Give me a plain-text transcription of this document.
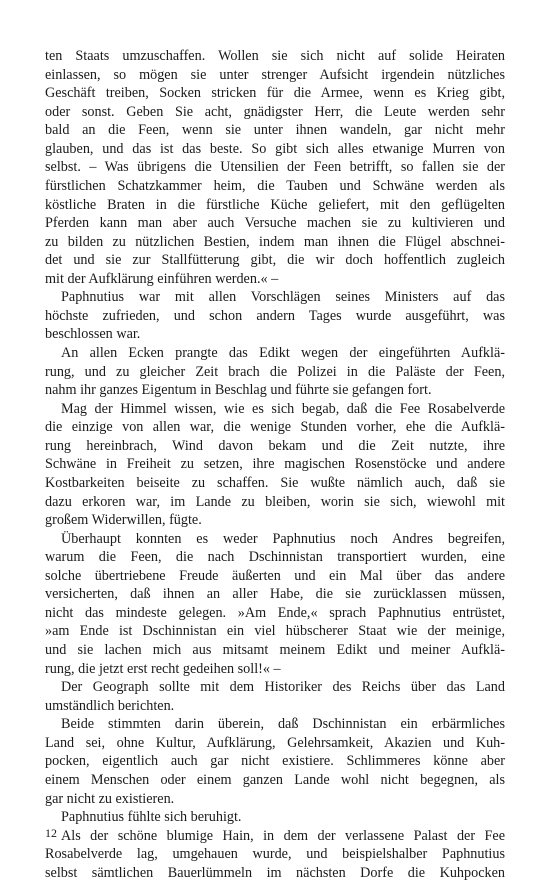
ten Staats umzuschaffen. Wollen sie sich nicht auf solide Heiraten
einlassen, so mögen sie unter strenger Aufsicht irgendein nützliches
Geschäft treiben, Socken stricken für die Armee, wenn es Krieg gibt,
oder sonst. Geben Sie acht, gnädigster Herr, die Leute werden sehr
bald an die Feen, wenn sie unter ihnen wandeln, gar nicht mehr
glauben, und das ist das beste. So gibt sich alles etwanige Murren von
selbst. – Was übrigens die Utensilien der Feen betrifft, so fallen sie der
fürstlichen Schatzkammer heim, die Tauben und Schwäne werden als
köstliche Braten in die fürstliche Küche geliefert, mit den geflügelten
Pferden kann man aber auch Versuche machen sie zu kultivieren und
zu bilden zu nützlichen Bestien, indem man ihnen die Flügel abschnei-
det und sie zur Stallfütterung gibt, die wir doch hoffentlich zugleich
mit der Aufklärung einführen werden.« –
Paphnutius war mit allen Vorschlägen seines Ministers auf das
höchste zufrieden, und schon andern Tages wurde ausgeführt, was
beschlossen war.
An allen Ecken prangte das Edikt wegen der eingeführten Aufklä-
rung, und zu gleicher Zeit brach die Polizei in die Paläste der Feen,
nahm ihr ganzes Eigentum in Beschlag und führte sie gefangen fort.
Mag der Himmel wissen, wie es sich begab, daß die Fee Rosabelverde
die einzige von allen war, die wenige Stunden vorher, ehe die Aufklä-
rung hereinbrach, Wind davon bekam und die Zeit nutzte, ihre
Schwäne in Freiheit zu setzen, ihre magischen Rosenstöcke und andere
Kostbarkeiten beiseite zu schaffen. Sie wußte nämlich auch, daß sie
dazu erkoren war, im Lande zu bleiben, worin sie sich, wiewohl mit
großem Widerwillen, fügte.
Überhaupt konnten es weder Paphnutius noch Andres begreifen,
warum die Feen, die nach Dschinnistan transportiert wurden, eine
solche übertriebene Freude äußerten und ein Mal über das andere
versicherten, daß ihnen an aller Habe, die sie zurücklassen müssen,
nicht das mindeste gelegen. »Am Ende,« sprach Paphnutius entrüstet,
»am Ende ist Dschinnistan ein viel hübscherer Staat wie der meinige,
und sie lachen mich aus mitsamt meinem Edikt und meiner Aufklä-
rung, die jetzt erst recht gedeihen soll!« –
Der Geograph sollte mit dem Historiker des Reichs über das Land
umständlich berichten.
Beide stimmten darin überein, daß Dschinnistan ein erbärmliches
Land sei, ohne Kultur, Aufklärung, Gelehrsamkeit, Akazien und Kuh-
pocken, eigentlich auch gar nicht existiere. Schlimmeres könne aber
einem Menschen oder einem ganzen Lande wohl nicht begegnen, als
gar nicht zu existieren.
Paphnutius fühlte sich beruhigt.
Als der schöne blumige Hain, in dem der verlassene Palast der Fee
Rosabelverde lag, umgehauen wurde, und beispielshalber Paphnutius
selbst sämtlichen Bauerlümmeln im nächsten Dorfe die Kuhpocken
12
